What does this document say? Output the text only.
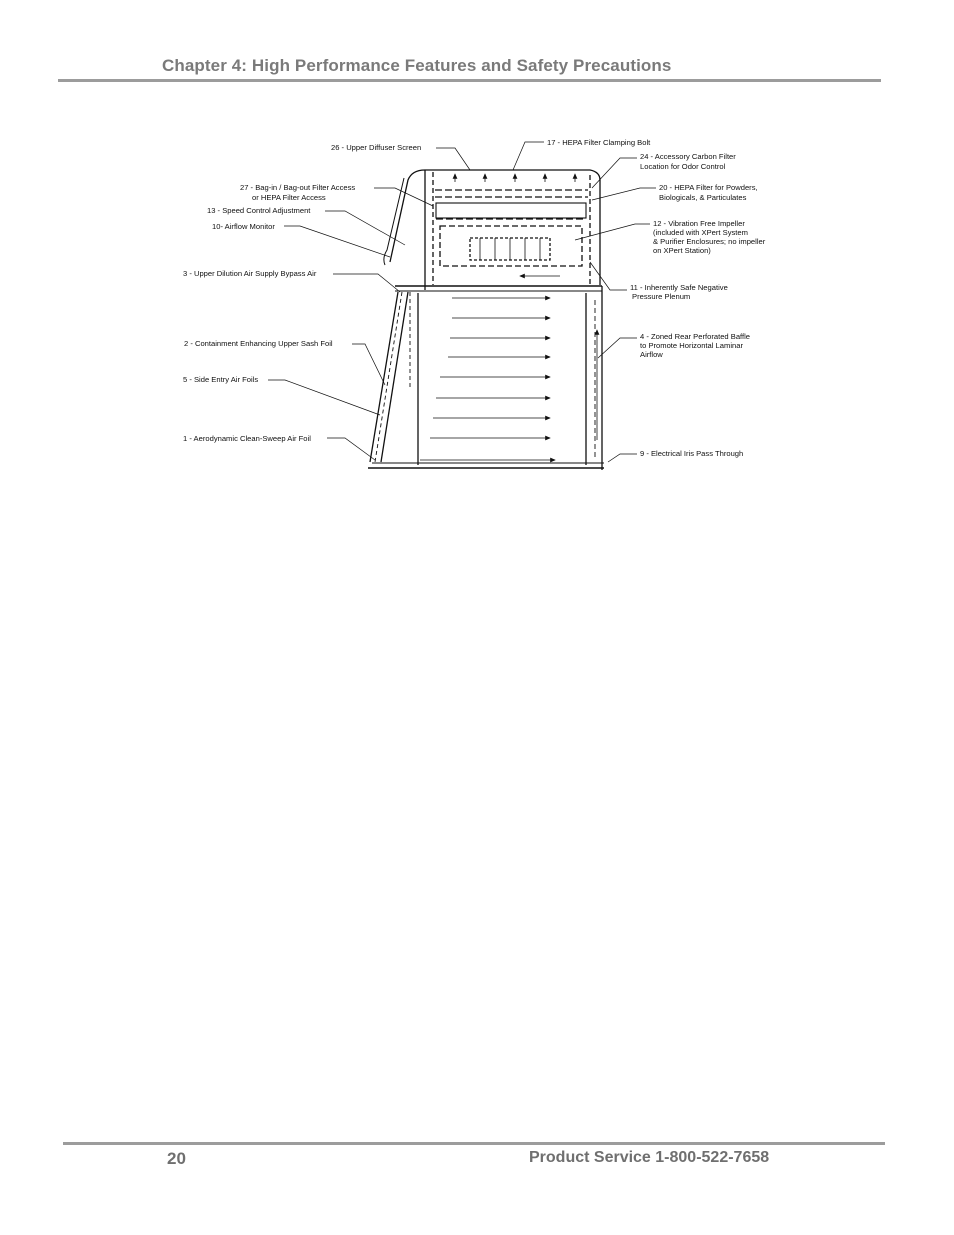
Chapter 4: High Performance Features and Safety Precautions
26 - Upper Diffuser Screen
17 - HEPA Filter Clamping Bolt
24 - Accessory Carbon Filter
Location for Odor Control
27 - Bag-in / Bag-out Filter Access
or HEPA Filter Access
20 - HEPA Filter for Powders,
Biologicals, & Particulates
13 - Speed Control Adjustment
10- Airflow Monitor	12 - Vibration Free Impeller
(included with XPert System
& Purifier Enclosures; no impeller
on XPert Station)
3 - Upper Dilution Air Supply Bypass Air
11 - Inherently Safe Negative
Pressure Plenum
2 - Containment Enhancing Upper Sash Foil
4 - Zoned Rear Perforated Baffle
to Promote Horizontal Laminar
Airflow
5 - Side Entry Air Foils
1 - Aerodynamic Clean-Sweep Air Foil
9 - Electrical Iris Pass Through
20	Product Service 1-800-522-7658
